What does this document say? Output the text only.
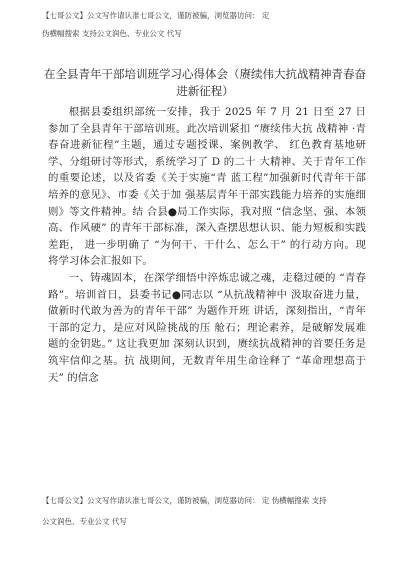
【七哥公文】公文写作请认准七哥公文，谨防被骗，浏览器访问： 定
伪横幅搜索 支持公文润色、专业公文 代写
在全县青年干部培训班学习心得体会（赓续伟大抗战精神青春奋进新征程）

根据县委组织部统一安排，我于 2025 年 7 月 21 日至 27 日参加了全县青年干部培训班。此次培训紧扣 “赓续伟大抗 战精神 ·青春奋进新征程”主题，通过专题授课、案例教学、 红色教育基地研学、分组研讨等形式，系统学习了 D 的二十 大精神、关于青年工作的重要论述，以及省委《关于实施“青 蓝工程”加强新时代青年干部培养的意见》、市委《关于加 强基层青年干部实践能力培养的实施细则》等文件精神。结 合县●局工作实际，我对照 “信念坚、强、本领高、作风硬” 的青年干部标准，深入查摆思想认识、能力短板和实践差距， 进一步明确了 “为何干、干什么、怎么干” 的行动方向。现 将学习体会汇报如下。

一、铸魂固本，在深学细悟中淬炼忠诚之魂，走稳过硬的 “青春路”。培训首日，县委书记●同志以 “从抗战精神中 汲取奋进力量，做新时代敢为善为的青年干部” 为题作开班 讲话，深刻指出，“青年干部的定力，是应对风险挑战的压 舱石；理论素养，是破解发展难题的金钥匙。” 这让我更加 深刻认识到，赓续抗战精神的首要任务是筑牢信仰之基。抗 战期间，无数青年用生命诠释了 “革命理想高于天” 的信念

【七哥公文】公文写作请认准七哥公文，谨防被骗，浏览器访问： 定 伪横幅搜索 支持
公文润色、专业公文 代写
